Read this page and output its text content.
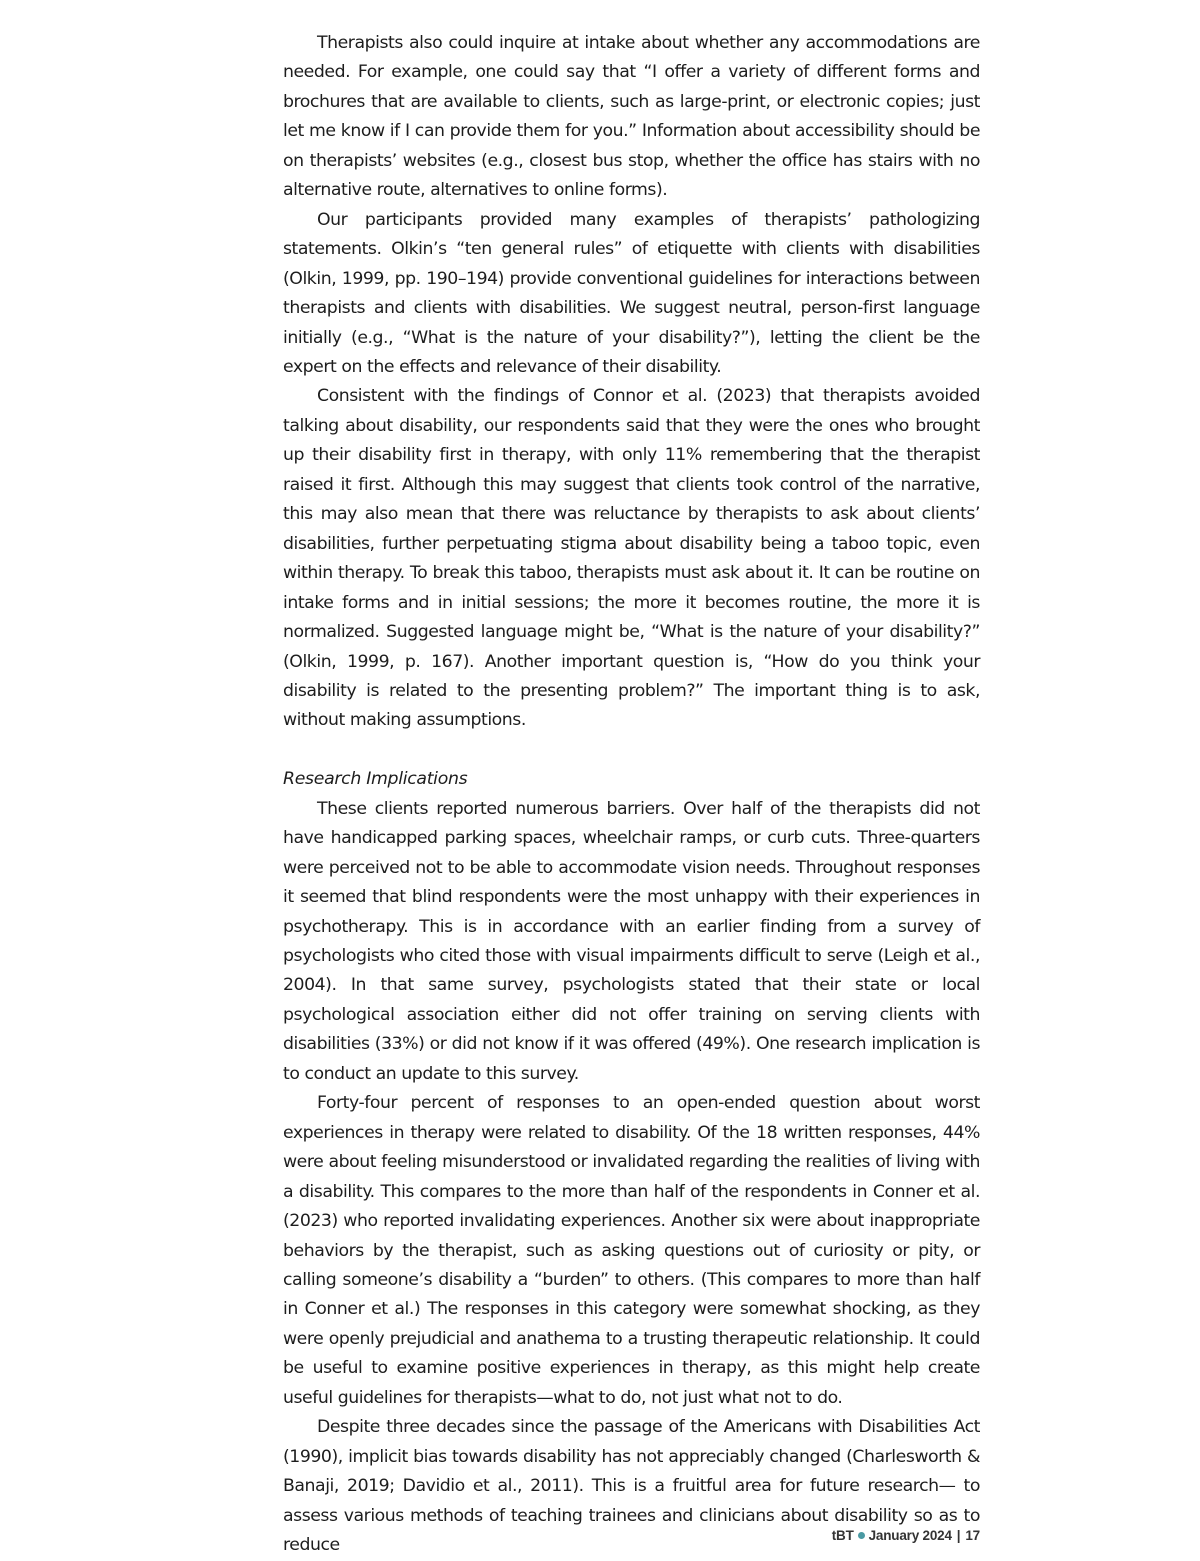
Therapists also could inquire at intake about whether any accommodations are needed. For example, one could say that “I offer a variety of different forms and brochures that are available to clients, such as large-print, or electronic copies; just let me know if I can provide them for you.” Information about accessibility should be on therapists’ websites (e.g., closest bus stop, whether the office has stairs with no alternative route, alternatives to online forms).

Our participants provided many examples of therapists’ pathologizing statements. Olkin’s “ten general rules” of etiquette with clients with disabilities (Olkin, 1999, pp. 190–194) provide conventional guidelines for interactions between therapists and clients with disabilities. We suggest neutral, person-first language initially (e.g., “What is the nature of your disability?”), letting the client be the expert on the effects and relevance of their disability.

Consistent with the findings of Connor et al. (2023) that therapists avoided talking about disability, our respondents said that they were the ones who brought up their disability first in therapy, with only 11% remembering that the therapist raised it first. Although this may suggest that clients took control of the narrative, this may also mean that there was reluctance by therapists to ask about clients’ disabilities, further perpetuating stigma about disability being a taboo topic, even within therapy. To break this taboo, therapists must ask about it. It can be routine on intake forms and in initial sessions; the more it becomes routine, the more it is normalized. Suggested language might be, “What is the nature of your disability?” (Olkin, 1999, p. 167). Another important question is, “How do you think your disability is related to the presenting problem?” The important thing is to ask, without making assumptions.

Research Implications

These clients reported numerous barriers. Over half of the therapists did not have handicapped parking spaces, wheelchair ramps, or curb cuts. Three-quarters were perceived not to be able to accommodate vision needs. Throughout responses it seemed that blind respondents were the most unhappy with their experiences in psychotherapy. This is in accordance with an earlier finding from a survey of psychologists who cited those with visual impairments difficult to serve (Leigh et al., 2004). In that same survey, psychologists stated that their state or local psychological association either did not offer training on serving clients with disabilities (33%) or did not know if it was offered (49%). One research implication is to conduct an update to this survey.

Forty-four percent of responses to an open-ended question about worst experiences in therapy were related to disability. Of the 18 written responses, 44% were about feeling misunderstood or invalidated regarding the realities of living with a disability. This compares to the more than half of the respondents in Conner et al. (2023) who reported invalidating experiences. Another six were about inappropriate behaviors by the therapist, such as asking questions out of curiosity or pity, or calling someone’s disability a “burden” to others. (This compares to more than half in Conner et al.) The responses in this category were somewhat shocking, as they were openly prejudicial and anathema to a trusting therapeutic relationship. It could be useful to examine positive experiences in therapy, as this might help create useful guidelines for therapists—what to do, not just what not to do.

Despite three decades since the passage of the Americans with Disabilities Act (1990), implicit bias towards disability has not appreciably changed (Charlesworth & Banaji, 2019; Davidio et al., 2011). This is a fruitful area for future research— to assess various methods of teaching trainees and clinicians about disability so as to reduce	tBT January 2024 | 17
